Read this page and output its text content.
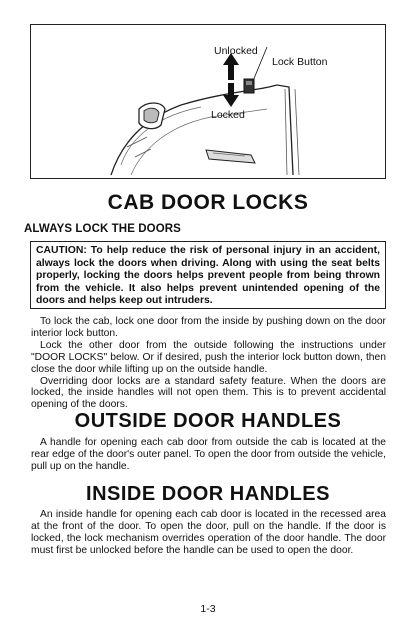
Unlocked
Lock Button
Locked
CAB DOOR LOCKS
ALWAYS LOCK THE DOORS
CAUTION: To help reduce the risk of personal injury in an accident, always lock the doors when driving. Along with using the seat belts properly, locking the doors helps prevent people from being thrown from the vehicle. It also helps prevent unintended opening of the doors and helps keep out intruders.

To lock the cab, lock one door from the inside by pushing down on the door interior lock button.

Lock the other door from the outside following the instructions under "DOOR LOCKS" below. Or if desired, push the interior lock button down, then close the door while lifting up on the outside handle.

Overriding door locks are a standard safety feature. When the doors are locked, the inside handles will not open them. This is to prevent accidental opening of the doors.

OUTSIDE DOOR HANDLES

A handle for opening each cab door from outside the cab is located at the rear edge of the door's outer panel. To open the door from outside the vehicle, pull up on the handle.

INSIDE DOOR HANDLES

An inside handle for opening each cab door is located in the recessed area at the front of the door. To open the door, pull on the handle. If the door is locked, the lock mechanism overrides operation of the door handle. The door must first be unlocked before the handle can be used to open the door.

1-3
